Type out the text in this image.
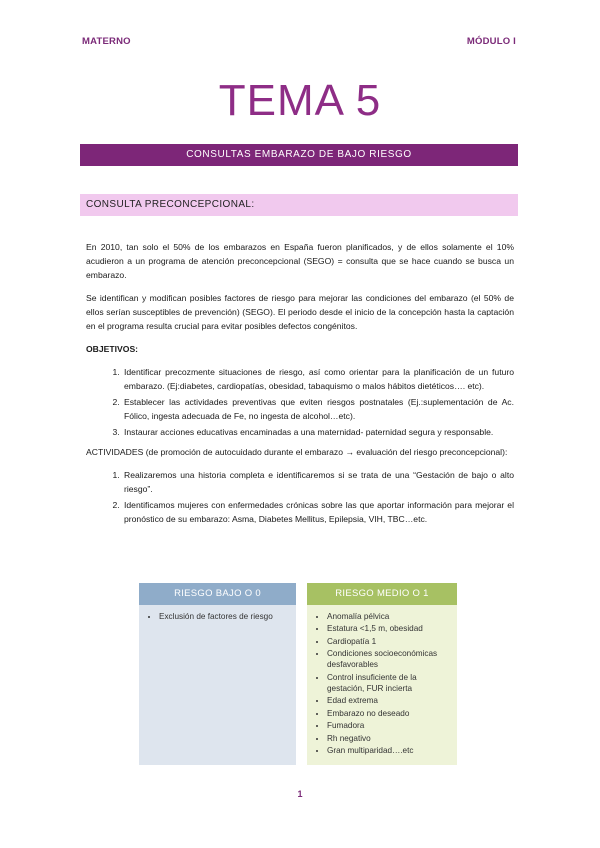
MATERNO	MÓDULO I
TEMA 5
CONSULTAS EMBARAZO DE BAJO RIESGO
CONSULTA PRECONCEPCIONAL:

En 2010, tan solo el 50% de los embarazos en España fueron planificados, y de ellos solamente el 10% acudieron a un programa de atención preconcepcional (SEGO) = consulta que se hace cuando se busca un embarazo.

Se identifican y modifican posibles factores de riesgo para mejorar las condiciones del embarazo (el 50% de ellos serían susceptibles de prevención) (SEGO). El periodo desde el inicio de la concepción hasta la captación en el programa resulta crucial para evitar posibles defectos congénitos.

OBJETIVOS:

1. Identificar precozmente situaciones de riesgo, así como orientar para la planificación de un futuro embarazo. (Ej:diabetes, cardiopatías, obesidad, tabaquismo o malos hábitos dietéticos…. etc).
2. Establecer las actividades preventivas que eviten riesgos postnatales (Ej.:suplementación de Ac. Fólico, ingesta adecuada de Fe, no ingesta de alcohol…etc).
3. Instaurar acciones educativas encaminadas a una maternidad- paternidad segura y responsable.

ACTIVIDADES (de promoción de autocuidado durante el embarazo → evaluación del riesgo preconcepcional):

1. Realizaremos una historia completa e identificaremos si se trata de una “Gestación de bajo o alto riesgo”.
2. Identificamos mujeres con enfermedades crónicas sobre las que aportar información para mejorar el pronóstico de su embarazo: Asma, Diabetes Mellitus, Epilepsia, VIH, TBC…etc.
RIESGO BAJO O 0
• Exclusión de factores de riesgo
RIESGO MEDIO O 1
• Anomalía pélvica
• Estatura <1,5 m, obesidad
• Cardiopatía 1
• Condiciones socioeconómicas desfavorables
• Control insuficiente de la gestación, FUR incierta
• Edad extrema
• Embarazo no deseado
• Fumadora
• Rh negativo
• Gran multiparidad….etc
1
